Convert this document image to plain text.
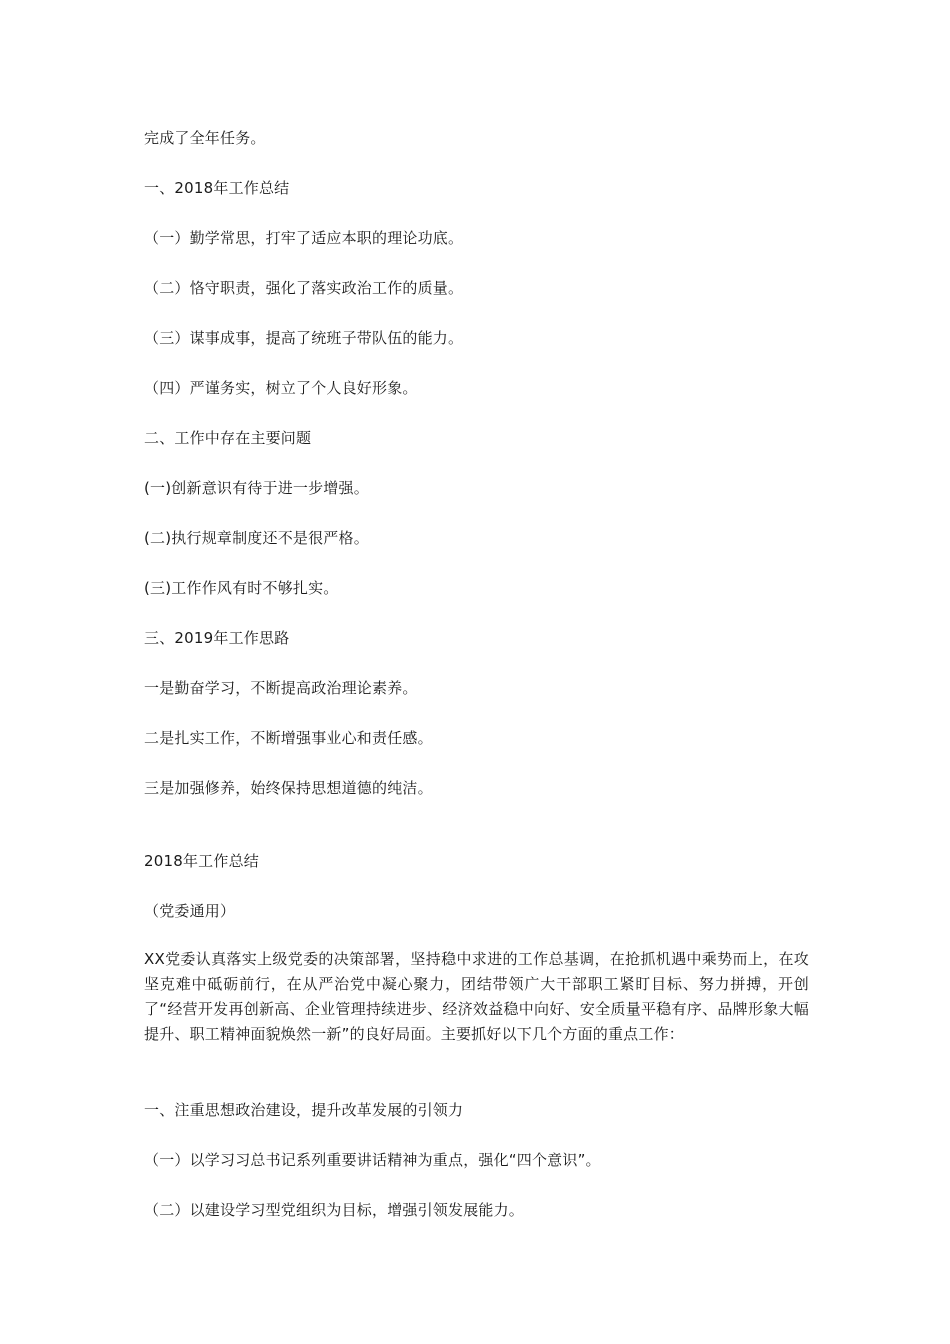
完成了全年任务。
一、2018年工作总结
（一）勤学常思，打牢了适应本职的理论功底。
（二）恪守职责，强化了落实政治工作的质量。
（三）谋事成事，提高了统班子带队伍的能力。
（四）严谨务实，树立了个人良好形象。
二、工作中存在主要问题
(一)创新意识有待于进一步增强。
(二)执行规章制度还不是很严格。
(三)工作作风有时不够扎实。
三、2019年工作思路
一是勤奋学习，不断提高政治理论素养。
二是扎实工作，不断增强事业心和责任感。
三是加强修养，始终保持思想道德的纯洁。
2018年工作总结
（党委通用）
XX党委认真落实上级党委的决策部署，坚持稳中求进的工作总基调，在抢抓机遇中乘势而上，在攻坚克难中砥砺前行，在从严治党中凝心聚力，团结带领广大干部职工紧盯目标、努力拼搏，开创了“经营开发再创新高、企业管理持续进步、经济效益稳中向好、安全质量平稳有序、品牌形象大幅提升、职工精神面貌焕然一新”的良好局面。主要抓好以下几个方面的重点工作：
一、注重思想政治建设，提升改革发展的引领力
（一）以学习习总书记系列重要讲话精神为重点，强化“四个意识”。
（二）以建设学习型党组织为目标，增强引领发展能力。
